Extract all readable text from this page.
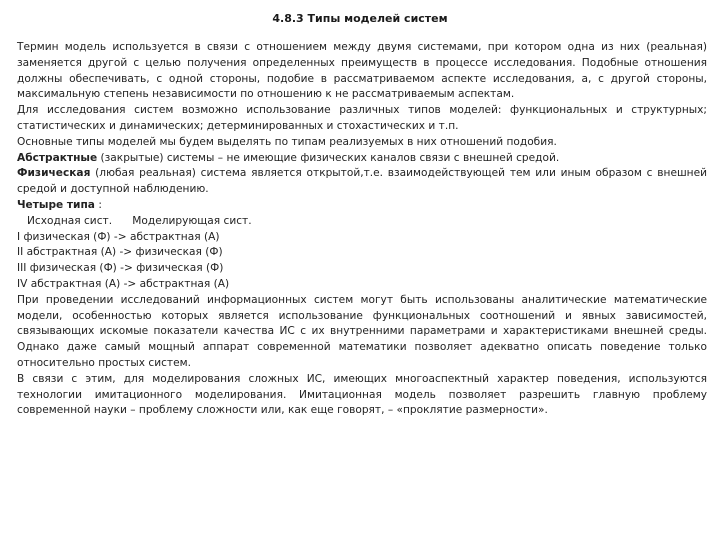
4.8.3 Типы моделей систем

Термин модель используется в связи с отношением между двумя системами, при котором одна из них (реальная) заменяется другой с целью получения определенных преимуществ в процессе исследования. Подобные отношения должны обеспечивать, с одной стороны, подобие в рассматриваемом аспекте исследования, а, с другой стороны, максимальную степень независимости по отношению к не рассматриваемым аспектам.

Для исследования систем возможно использование различных типов моделей: функциональных и структурных; статистических и динамических; детерминированных и стохастических и т.п.

Основные типы моделей мы будем выделять по типам реализуемых в них отношений подобия.

Абстрактные (закрытые) системы – не имеющие физических каналов связи с внешней средой.

Физическая (любая реальная) система является открытой,т.е. взаимодействующей тем или иным образом с внешней средой и доступной наблюдению.

Четыре типа :

Исходная сист.      Моделирующая сист.
I физическая (Ф) -> абстрактная (А)
II абстрактная (А) -> физическая (Ф)
III физическая (Ф) -> физическая (Ф)
IV абстрактная (А) -> абстрактная (А)

При проведении исследований информационных систем могут быть использованы аналитические математические модели, особенностью которых является использование функциональных соотношений и явных зависимостей, связывающих искомые показатели качества ИС с их внутренними параметрами и характеристиками внешней среды. Однако даже самый мощный аппарат современной математики позволяет адекватно описать поведение только относительно простых систем.

В связи с этим, для моделирования сложных ИС, имеющих многоаспектный характер поведения, используются технологии имитационного моделирования. Имитационная модель позволяет разрешить главную проблему современной науки – проблему сложности или, как еще говорят, – «проклятие размерности».
